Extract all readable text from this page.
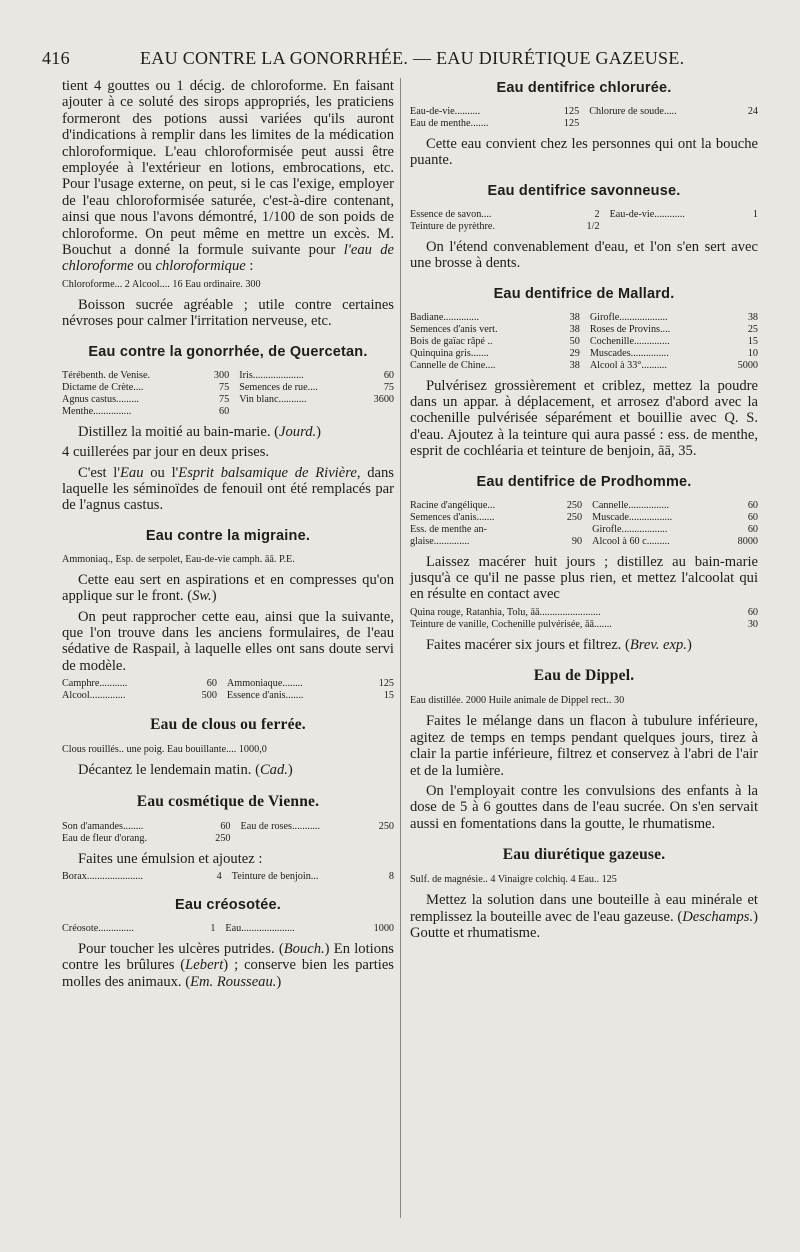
416	EAU CONTRE LA GONORRHÉE. — EAU DIURÉTIQUE GAZEUSE.

tient 4 gouttes ou 1 décig. de chloroforme. En faisant ajouter à ce soluté des sirops appropriés, les praticiens formeront des potions aussi variées qu'ils auront d'indications à remplir dans les limites de la médication chloroformique. L'eau chloroformisée peut aussi être employée à l'extérieur en lotions, embrocations, etc. Pour l'usage externe, on peut, si le cas l'exige, employer de l'eau chloroformisée saturée, c'est-à-dire contenant, ainsi que nous l'avons démontré, 1/100 de son poids de chloroforme. On peut même en mettre un excès. M. Bouchut a donné la formule suivante pour l'eau de chloroforme ou chloroformique :

Chloroforme... 2 Alcool.... 16 Eau ordinaire. 300

Boisson sucrée agréable ; utile contre certaines névroses pour calmer l'irritation nerveuse, etc.

Eau contre la gonorrhée, de Quercetan.
Térébenth. de Venise.	300	Iris....................	60
Dictame de Crète....	75	Semences de rue....	75
Agnus castus.........	75	Vin blanc...........	3600
Menthe...............	60		

Distillez la moitié au bain-marie. (Jourd.)

4 cuillerées par jour en deux prises.

C'est l'Eau ou l'Esprit balsamique de Rivière, dans laquelle les séminoïdes de fenouil ont été remplacés par de l'agnus castus.

Eau contre la migraine.
Ammoniaq., Esp. de serpolet, Eau-de-vie camph. āā. P.E.

Cette eau sert en aspirations et en compresses qu'on applique sur le front. (Sw.)

On peut rapprocher cette eau, ainsi que la suivante, que l'on trouve dans les anciens formulaires, de l'eau sédative de Raspail, à laquelle elles ont sans doute servi de modèle.

Camphre...........	60	Ammoniaque........	125
Alcool..............	500	Essence d'anis.......	15
Eau de clous ou ferrée.
Clous rouillés.. une poig. Eau bouillante.... 1000,0

Décantez le lendemain matin. (Cad.)

Eau cosmétique de Vienne.
Son d'amandes........	60	Eau de roses...........	250
Eau de fleur d'orang.	250		

Faites une émulsion et ajoutez :

Borax......................	4	Teinture de benjoin...	8
Eau créosotée.
Créosote..............	1	Eau.....................	1000

Pour toucher les ulcères putrides. (Bouch.) En lotions contre les brûlures (Lebert) ; conserve bien les parties molles des animaux. (Em. Rousseau.)

Eau dentifrice chlorurée.
Eau-de-vie..........	125	Chlorure de soude.....	24
Eau de menthe.......	125		

Cette eau convient chez les personnes qui ont la bouche puante.

Eau dentifrice savonneuse.
Essence de savon....	2	Eau-de-vie............	1
Teinture de pyrèthre.	1/2		

On l'étend convenablement d'eau, et l'on s'en sert avec une brosse à dents.

Eau dentifrice de Mallard.
Badiane..............	38	Girofle...................	38
Semences d'anis vert.	38	Roses de Provins....	25
Bois de gaïac râpé ..	50	Cochenille..............	15
Quinquina gris.......	29	Muscades...............	10
Cannelle de Chine....	38	Alcool à 33°..........	5000

Pulvérisez grossièrement et criblez, mettez la poudre dans un appar. à déplacement, et arrosez d'abord avec la cochenille pulvérisée séparément et bouillie avec Q. S. d'eau. Ajoutez à la teinture qui aura passé : ess. de menthe, esprit de cochléaria et teinture de benjoin, āā, 35.

Eau dentifrice de Prodhomme.
Racine d'angélique...	250	Cannelle................	60
Semences d'anis.......	250	Muscade.................	60
Ess. de menthe an-		Girofle..................	60
glaise..............	90	Alcool à 60 c.........	8000

Laissez macérer huit jours ; distillez au bain-marie jusqu'à ce qu'il ne passe plus rien, et mettez l'alcoolat qui en résulte en contact avec

Quina rouge, Ratanhia, Tolu, āā........................	60
Teinture de vanille, Cochenille pulvérisée, āā.......	30

Faites macérer six jours et filtrez. (Brev. exp.)

Eau de Dippel.
Eau distillée. 2000 Huile animale de Dippel rect.. 30

Faites le mélange dans un flacon à tubulure inférieure, agitez de temps en temps pendant quelques jours, tirez à clair la partie inférieure, filtrez et conservez à l'abri de l'air et de la lumière.

On l'employait contre les convulsions des enfants à la dose de 5 à 6 gouttes dans de l'eau sucrée. On s'en servait aussi en fomentations dans la goutte, le rhumatisme.

Eau diurétique gazeuse.
Sulf. de magnésie.. 4 Vinaigre colchiq. 4 Eau.. 125

Mettez la solution dans une bouteille à eau minérale et remplissez la bouteille avec de l'eau gazeuse. (Deschamps.) Goutte et rhumatisme.
